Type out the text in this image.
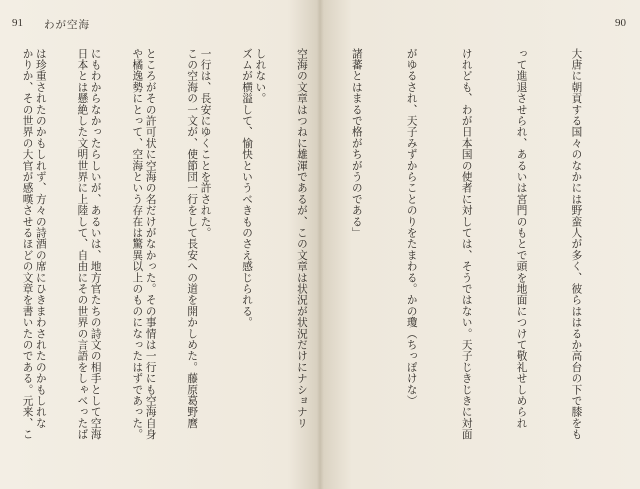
91 わが空海

しれない。

一行は、長安にゆくことを許された。

ところがその許可状に空海の名だけがなかった。その事情は一行にも空海自身

にもわからなかったらしいが、あるいは、地方官たちの詩文の相手として空海

は珍重されたのかもしれず、方々の詩酒の席にひきまわされたのかもしれな

90

大唐に朝貢する国々のなかには野蛮人が多く、彼らははるか高台の下で膝をも

って進退させられ、あるいは宮門のもとで頭を地面につけて敬礼せしめられ

けれども、わが日本国の使者に対しては、そうではない。天子じきじきに対面

がゆるされ、天子みずからことのりをたまわる。かの瓊（ちっぽけな）

諸蕃とはまるで格がちがうのである」

空海の文章はつねに雄渾であるが、この文章は状況が状況だけにナショナリ

ズムが横溢して、愉快というべきものさえ感じられる。

この空海の一文が、使節団一行をして長安への道を開かしめた。藤原葛野麿

や橘逸勢にとって、空海という存在は驚異以上のものになったはずであった。

日本とは懸絶した文明世界に上陸して、自由にその世界の言語をしゃべったば

かりか、その世界の大官が感嘆させるほどの文章を書いたのである。元来、こ
